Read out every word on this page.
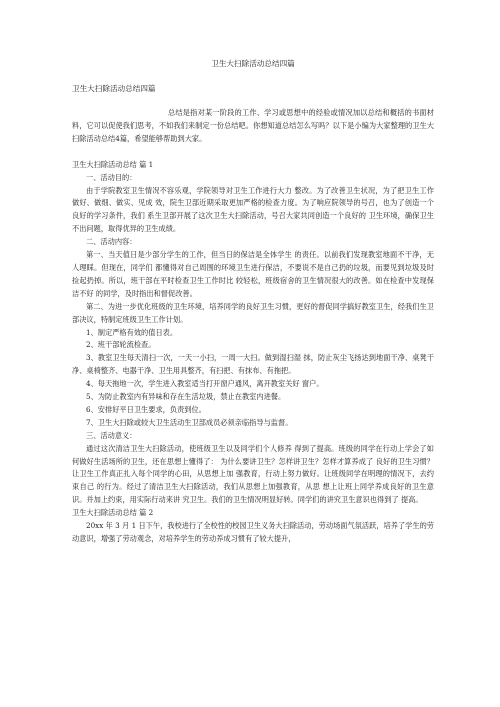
卫生大扫除活动总结四篇
卫生大扫除活动总结四篇

总结是指对某一阶段的工作、学习或思想中的经验或情况加以总结和概括的书面材料，它可以促使我们思考，不如我们来制定一份总结吧。你想知道总结怎么写吗？以下是小编为大家整理的卫生大扫除活动总结4篇，希望能够帮助到大家。

卫生大扫除活动总结 篇 1

一、活动目的：

由于学院教室卫生情况不容乐观，学院领导对卫生工作进行大力 整改。为了改善卫生状况，为了把卫生工作做好、做细、做实、见成 效，院生卫部近期采取更加严格的检查力度。为了响应院领导的号召，也为了创造一个良好的学习条件，我们 系生卫部开展了这次卫生大扫除活动，号召大家共同创造一个良好的 卫生环境，确保卫生不出问题，取得优异的卫生成绩。

二、活动内容：

第一、当天值日是少部分学生的工作，但当日的保洁是全体学生 的责任。以前我们发现教室地面不干净，无人理睬。但现在，同学们 都懂得对自己周围的环境卫生进行保洁，不要说不是自己扔的垃圾，而要见到垃圾及时捡起扔掉。所以，班干部在平时检查卫生工作时比 较轻松，班级宿舍的卫生情况很大的改善。如在检查中发现保洁不好 的同学，及时指出和督促改善。

第二、为进一步优化班级的卫生环境，培养同学的良好卫生习惯，更好的督促同学搞好教室卫生，经我们生卫部决议，特制定班级卫生工作计划。

1、制定严格有效的值日表。

2、班干部轮流检查。

3、教室卫生每天清扫一次，一天一小扫，一周一大扫。做到湿扫湿 抹，防止灰尘飞扬达到地面干净、桌凳干净、桌椅整齐、电器干净、卫生用具整齐，有扫把、有抹布、有拖把。

4、每天拖地一次，学生进入教室适当打开窗户通风，离开教室关好 窗户。

5、为防止教室内有异味和存在生活垃圾，禁止在教室内进餐。

6、安排好平日卫生要求，负责到位。

7、卫生大扫除或较大卫生活动生卫部成员必须亲临指导与监督。

三、活动意义：

通过这次清洁卫生大扫除活动，使班级卫生以及同学们个人修养 得到了提高。班级的同学在行动上学会了如何做好生活场所的卫生，还在思想上懂得了： 为什么要讲卫生？怎样讲卫生？怎样才算养成了 良好的卫生习惯？让卫生工作真正扎入每个同学的心田，从思想上加 强教育，行动上努力做好。让班级同学在明理的情况下，去约束自己 的行为。经过了清洁卫生大扫除活动，我们从思想上加强教育，从思 想上让班上同学养成良好的卫生意识。并加上约束，用实际行动来讲 究卫生。我们的卫生情况明显好转。同学们的讲究卫生意识也得到了 提高。

卫生大扫除活动总结 篇 2

20xx 年 3 月 1 日下午，我校进行了全校性的校园卫生义务大扫除活动，劳动场面气氛活跃，培养了学生的劳动意识，增强了劳动观念，对培养学生的劳动养成习惯有了较大提升，
